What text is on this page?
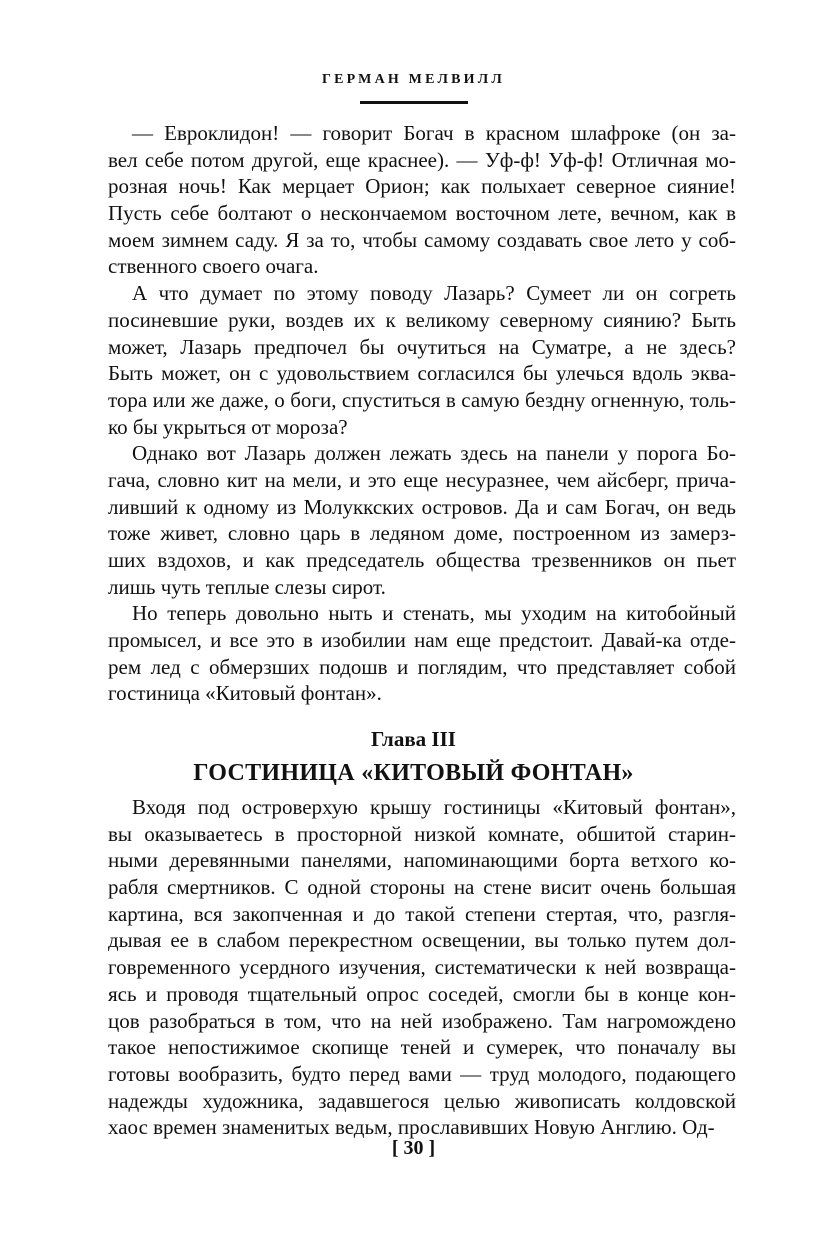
ГЕРМАН МЕЛВИЛЛ
— Евроклидон! — говорит Богач в красном шлафроке (он за-
вел себе потом другой, еще краснее). — Уф-ф! Уф-ф! Отличная мо-
розная ночь! Как мерцает Орион; как полыхает северное сияние!
Пусть себе болтают о нескончаемом восточном лете, вечном, как в
моем зимнем саду. Я за то, чтобы самому создавать свое лето у соб-
ственного своего очага.
А что думает по этому поводу Лазарь? Сумеет ли он согреть
посиневшие руки, воздев их к великому северному сиянию? Быть
может, Лазарь предпочел бы очутиться на Суматре, а не здесь?
Быть может, он с удовольствием согласился бы улечься вдоль эква-
тора или же даже, о боги, спуститься в самую бездну огненную, толь-
ко бы укрыться от мороза?
Однако вот Лазарь должен лежать здесь на панели у порога Бо-
гача, словно кит на мели, и это еще несуразнее, чем айсберг, прича-
ливший к одному из Молуккских островов. Да и сам Богач, он ведь
тоже живет, словно царь в ледяном доме, построенном из замерз-
ших вздохов, и как председатель общества трезвенников он пьет
лишь чуть теплые слезы сирот.
Но теперь довольно ныть и стенать, мы уходим на китобойный
промысел, и все это в изобилии нам еще предстоит. Давай-ка отде-
рем лед с обмерзших подошв и поглядим, что представляет собой
гостиница «Китовый фонтан».
Глава III
ГОСТИНИЦА «КИТОВЫЙ ФОНТАН»
Входя под островерхую крышу гостиницы «Китовый фонтан»,
вы оказываетесь в просторной низкой комнате, обшитой старин-
ными деревянными панелями, напоминающими борта ветхого ко-
рабля смертников. С одной стороны на стене висит очень большая
картина, вся закопченная и до такой степени стертая, что, разгля-
дывая ее в слабом перекрестном освещении, вы только путем дол-
говременного усердного изучения, систематически к ней возвраща-
ясь и проводя тщательный опрос соседей, смогли бы в конце кон-
цов разобраться в том, что на ней изображено. Там нагромождено
такое непостижимое скопище теней и сумерек, что поначалу вы
готовы вообразить, будто перед вами — труд молодого, подающего
надежды художника, задавшегося целью живописать колдовской
хаос времен знаменитых ведьм, прославивших Новую Англию. Од-
[ 30 ]
